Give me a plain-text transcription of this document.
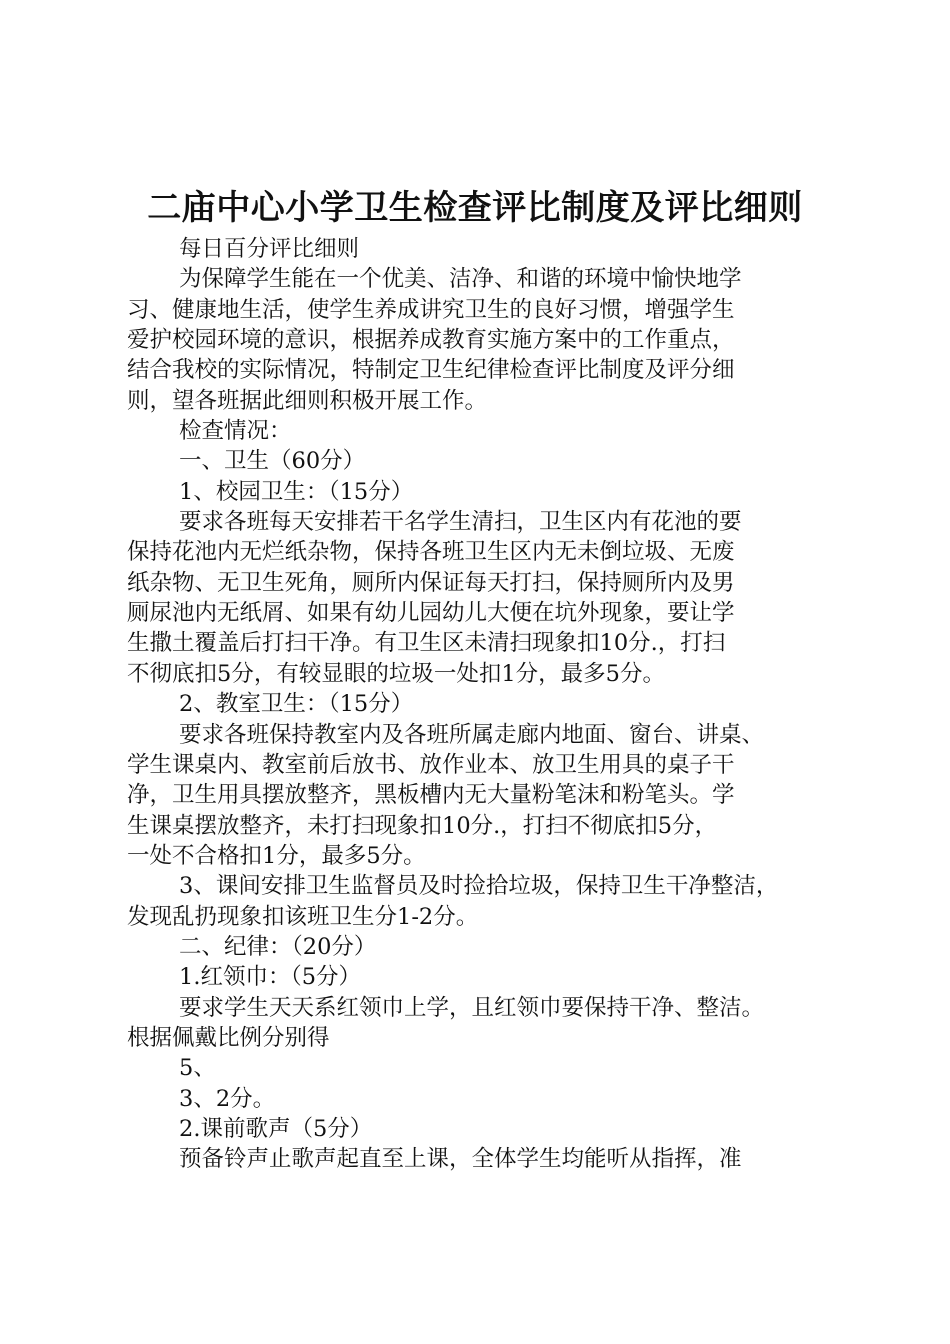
二庙中心小学卫生检查评比制度及评比细则

每日百分评比细则

为保障学生能在一个优美、洁净、和谐的环境中愉快地学

习、健康地生活，使学生养成讲究卫生的良好习惯，增强学生

爱护校园环境的意识，根据养成教育实施方案中的工作重点，

结合我校的实际情况，特制定卫生纪律检查评比制度及评分细

则，望各班据此细则积极开展工作。

检查情况：

一、卫生（60分）

1、校园卫生：（15分）

要求各班每天安排若干名学生清扫，卫生区内有花池的要

保持花池内无烂纸杂物，保持各班卫生区内无未倒垃圾、无废

纸杂物、无卫生死角，厕所内保证每天打扫，保持厕所内及男

厕尿池内无纸屑、如果有幼儿园幼儿大便在坑外现象，要让学

生撒土覆盖后打扫干净。有卫生区未清扫现象扣10分.，打扫

不彻底扣5分，有较显眼的垃圾一处扣1分，最多5分。

2、教室卫生：（15分）

要求各班保持教室内及各班所属走廊内地面、窗台、讲桌、

学生课桌内、教室前后放书、放作业本、放卫生用具的桌子干

净，卫生用具摆放整齐，黑板槽内无大量粉笔沫和粉笔头。学

生课桌摆放整齐，未打扫现象扣10分.，打扫不彻底扣5分，

一处不合格扣1分，最多5分。

3、课间安排卫生监督员及时捡拾垃圾，保持卫生干净整洁，

发现乱扔现象扣该班卫生分1-2分。

二、纪律：（20分）

1.红领巾：（5分）

要求学生天天系红领巾上学，且红领巾要保持干净、整洁。

根据佩戴比例分别得

5、

3、2分。

2.课前歌声（5分）

预备铃声止歌声起直至上课，全体学生均能听从指挥，准
